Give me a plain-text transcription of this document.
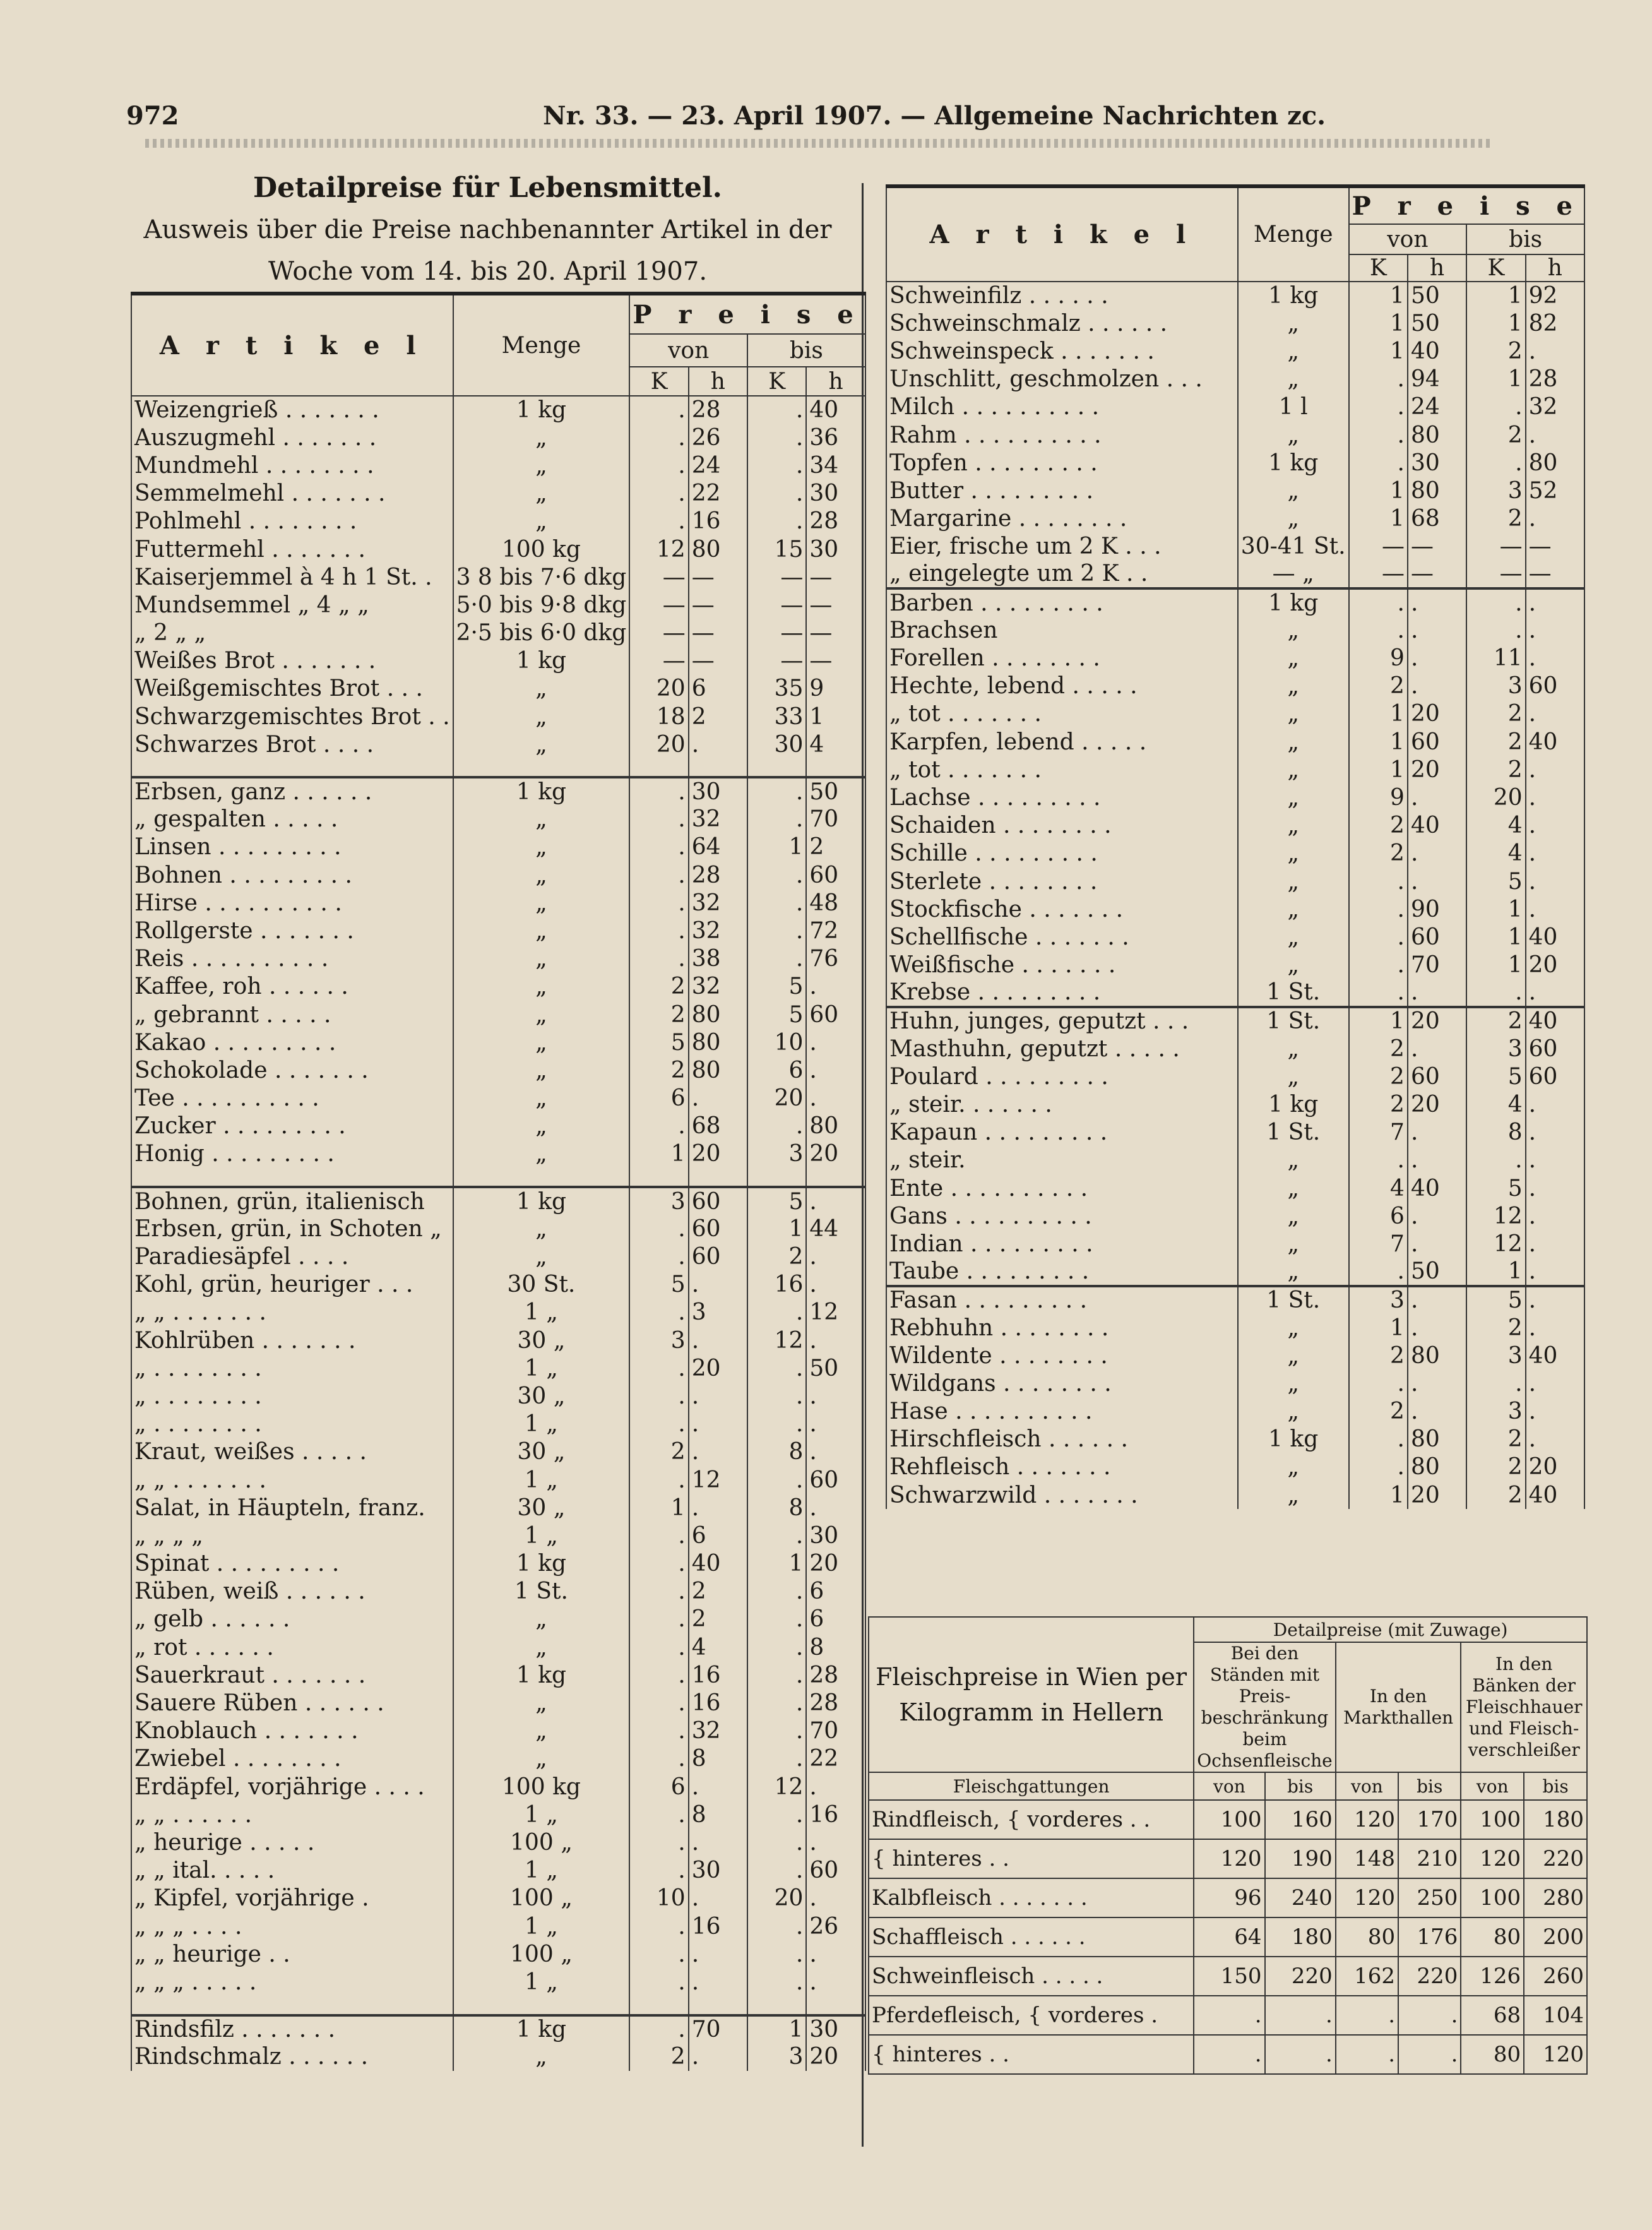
972	Nr. 33. — 23. April 1907. — Allgemeine Nachrichten zc.
Detailpreise für Lebensmittel.
Ausweis über die Preise nachbenannter Artikel in der
Woche vom 14. bis 20. April 1907.
A r t i k e l	Menge	P r e i s e			
		von		bis	
		K	h	K	h
Weizengrieß . . . . . . .	1 kg	.	28	.	40
Auszugmehl . . . . . . .	„	.	26	.	36
Mundmehl . . . . . . . .	„	.	24	.	34
Semmelmehl . . . . . . .	„	.	22	.	30
Pohlmehl . . . . . . . .	„	.	16	.	28
Futtermehl . . . . . . .	100 kg	12	80	15	30
Kaiserjemmel à 4 h 1 St. .	3 8 bis 7·6 dkg	—	—	—	—
Mundsemmel „ 4 „ „	5·0 bis 9·8 dkg	—	—	—	—
„ 2 „ „	2·5 bis 6·0 dkg	—	—	—	—
Weißes Brot . . . . . . .	1 kg	—	—	—	—
Weißgemischtes Brot . . .	„	20	6	35	9
Schwarzgemischtes Brot . .	„	18	2	33	1
Schwarzes Brot . . . .	„	20	.	30	4

Erbsen, ganz . . . . . .	1 kg	.	30	.	50
„ gespalten . . . . .	„	.	32	.	70
Linsen . . . . . . . . .	„	.	64	1	2
Bohnen . . . . . . . . .	„	.	28	.	60
Hirse . . . . . . . . . .	„	.	32	.	48
Rollgerste . . . . . . .	„	.	32	.	72
Reis . . . . . . . . . .	„	.	38	.	76
Kaffee, roh . . . . . .	„	2	32	5	.
„ gebrannt . . . . .	„	2	80	5	60
Kakao . . . . . . . . .	„	5	80	10	.
Schokolade . . . . . . .	„	2	80	6	.
Tee . . . . . . . . . .	„	6	.	20	.
Zucker . . . . . . . . .	„	.	68	.	80
Honig . . . . . . . . .	„	1	20	3	20

Bohnen, grün, italienisch	1 kg	3	60	5	.
Erbsen, grün, in Schoten „	„	.	60	1	44
Paradiesäpfel . . . .	„	.	60	2	.
Kohl, grün, heuriger . . .	30 St.	5	.	16	.
„ „ . . . . . . .	1 „	.	3	.	12
Kohlrüben . . . . . . .	30 „	3	.	12	.
„ . . . . . . . .	1 „	.	20	.	50
„ . . . . . . . .	30 „	.	.	.	.
„ . . . . . . . .	1 „	.	.	.	.
Kraut, weißes . . . . .	30 „	2	.	8	.
„ „ . . . . . . .	1 „	.	12	.	60
Salat, in Häupteln, franz.	30 „	1	.	8	.
„ „ „ „	1 „	.	6	.	30
Spinat . . . . . . . . .	1 kg	.	40	1	20
Rüben, weiß . . . . . .	1 St.	.	2	.	6
„ gelb . . . . . .	„	.	2	.	6
„ rot . . . . . .	„	.	4	.	8
Sauerkraut . . . . . . .	1 kg	.	16	.	28
Sauere Rüben . . . . . .	„	.	16	.	28
Knoblauch . . . . . . .	„	.	32	.	70
Zwiebel . . . . . . . .	„	.	8	.	22
Erdäpfel, vorjährige . . . .	100 kg	6	.	12	.
„ „ . . . . . .	1 „	.	8	.	16
„ heurige . . . . .	100 „	.	.	.	.
„ „ ital. . . . .	1 „	.	30	.	60
„ Kipfel, vorjährige .	100 „	10	.	20	.
„ „ „ . . . .	1 „	.	16	.	26
„ „ heurige . .	100 „	.	.	.	.
„ „ „ . . . . .	1 „	.	.	.	.

Rindsfilz . . . . . . .	1 kg	.	70	1	30
Rindschmalz . . . . . .	„	2	.	3	20
A r t i k e l	Menge	P r e i s e			
		von		bis	
		K	h	K	h
Schweinfilz . . . . . .	1 kg	1	50	1	92
Schweinschmalz . . . . . .	„	1	50	1	82
Schweinspeck . . . . . . .	„	1	40	2	.
Unschlitt, geschmolzen . . .	„	.	94	1	28
Milch . . . . . . . . . .	1 l	.	24	.	32
Rahm . . . . . . . . . .	„	.	80	2	.
Topfen . . . . . . . . .	1 kg	.	30	.	80
Butter . . . . . . . . .	„	1	80	3	52
Margarine . . . . . . . .	„	1	68	2	.
Eier, frische um 2 K . . .	30-41 St.	—	—	—	—
„ eingelegte um 2 K . .	— „	—	—	—	—
Barben . . . . . . . . .	1 kg	.	.	.	.
Brachsen	„	.	.	.	.
Forellen . . . . . . . .	„	9	.	11	.
Hechte, lebend . . . . .	„	2	.	3	60
„ tot . . . . . . .	„	1	20	2	.
Karpfen, lebend . . . . .	„	1	60	2	40
„ tot . . . . . . .	„	1	20	2	.
Lachse . . . . . . . . .	„	9	.	20	.
Schaiden . . . . . . . .	„	2	40	4	.
Schille . . . . . . . . .	„	2	.	4	.
Sterlete . . . . . . . .	„	.	.	5	.
Stockfische . . . . . . .	„	.	90	1	.
Schellfische . . . . . . .	„	.	60	1	40
Weißfische . . . . . . .	„	.	70	1	20
Krebse . . . . . . . . .	1 St.	.	.	.	.
Huhn, junges, geputzt . . .	1 St.	1	20	2	40
Masthuhn, geputzt . . . . .	„	2	.	3	60
Poulard . . . . . . . . .	„	2	60	5	60
„ steir. . . . . . .	1 kg	2	20	4	.
Kapaun . . . . . . . . .	1 St.	7	.	8	.
„ steir.	„	.	.	.	.
Ente . . . . . . . . . .	„	4	40	5	.
Gans . . . . . . . . . .	„	6	.	12	.
Indian . . . . . . . . .	„	7	.	12	.
Taube . . . . . . . . .	„	.	50	1	.
Fasan . . . . . . . . .	1 St.	3	.	5	.
Rebhuhn . . . . . . . .	„	1	.	2	.
Wildente . . . . . . . .	„	2	80	3	40
Wildgans . . . . . . . .	„	.	.	.	.
Hase . . . . . . . . . .	„	2	.	3	.
Hirschfleisch . . . . . .	1 kg	.	80	2	.
Rehfleisch . . . . . . .	„	.	80	2	20
Schwarzwild . . . . . . .	„	1	20	2	40
Fleischpreise in Wien per Kilogramm in Hellern	Detailpreise (mit Zuwage)					
	Bei den Ständen mit Preis-beschränkung beim Ochsenfleische		In den Markthallen		In den Bänken der Fleischhauer und Fleisch-verschleißer	
Fleischgattungen	von	bis	von	bis	von	bis
Rindfleisch, { vorderes . .	100	160	120	170	100	180
{ hinteres . .	120	190	148	210	120	220
Kalbfleisch . . . . . . .	96	240	120	250	100	280
Schaffleisch . . . . . .	64	180	80	176	80	200
Schweinfleisch . . . . .	150	220	162	220	126	260
Pferdefleisch, { vorderes .	.	.	.	.	68	104
{ hinteres . .	.	.	.	.	80	120
